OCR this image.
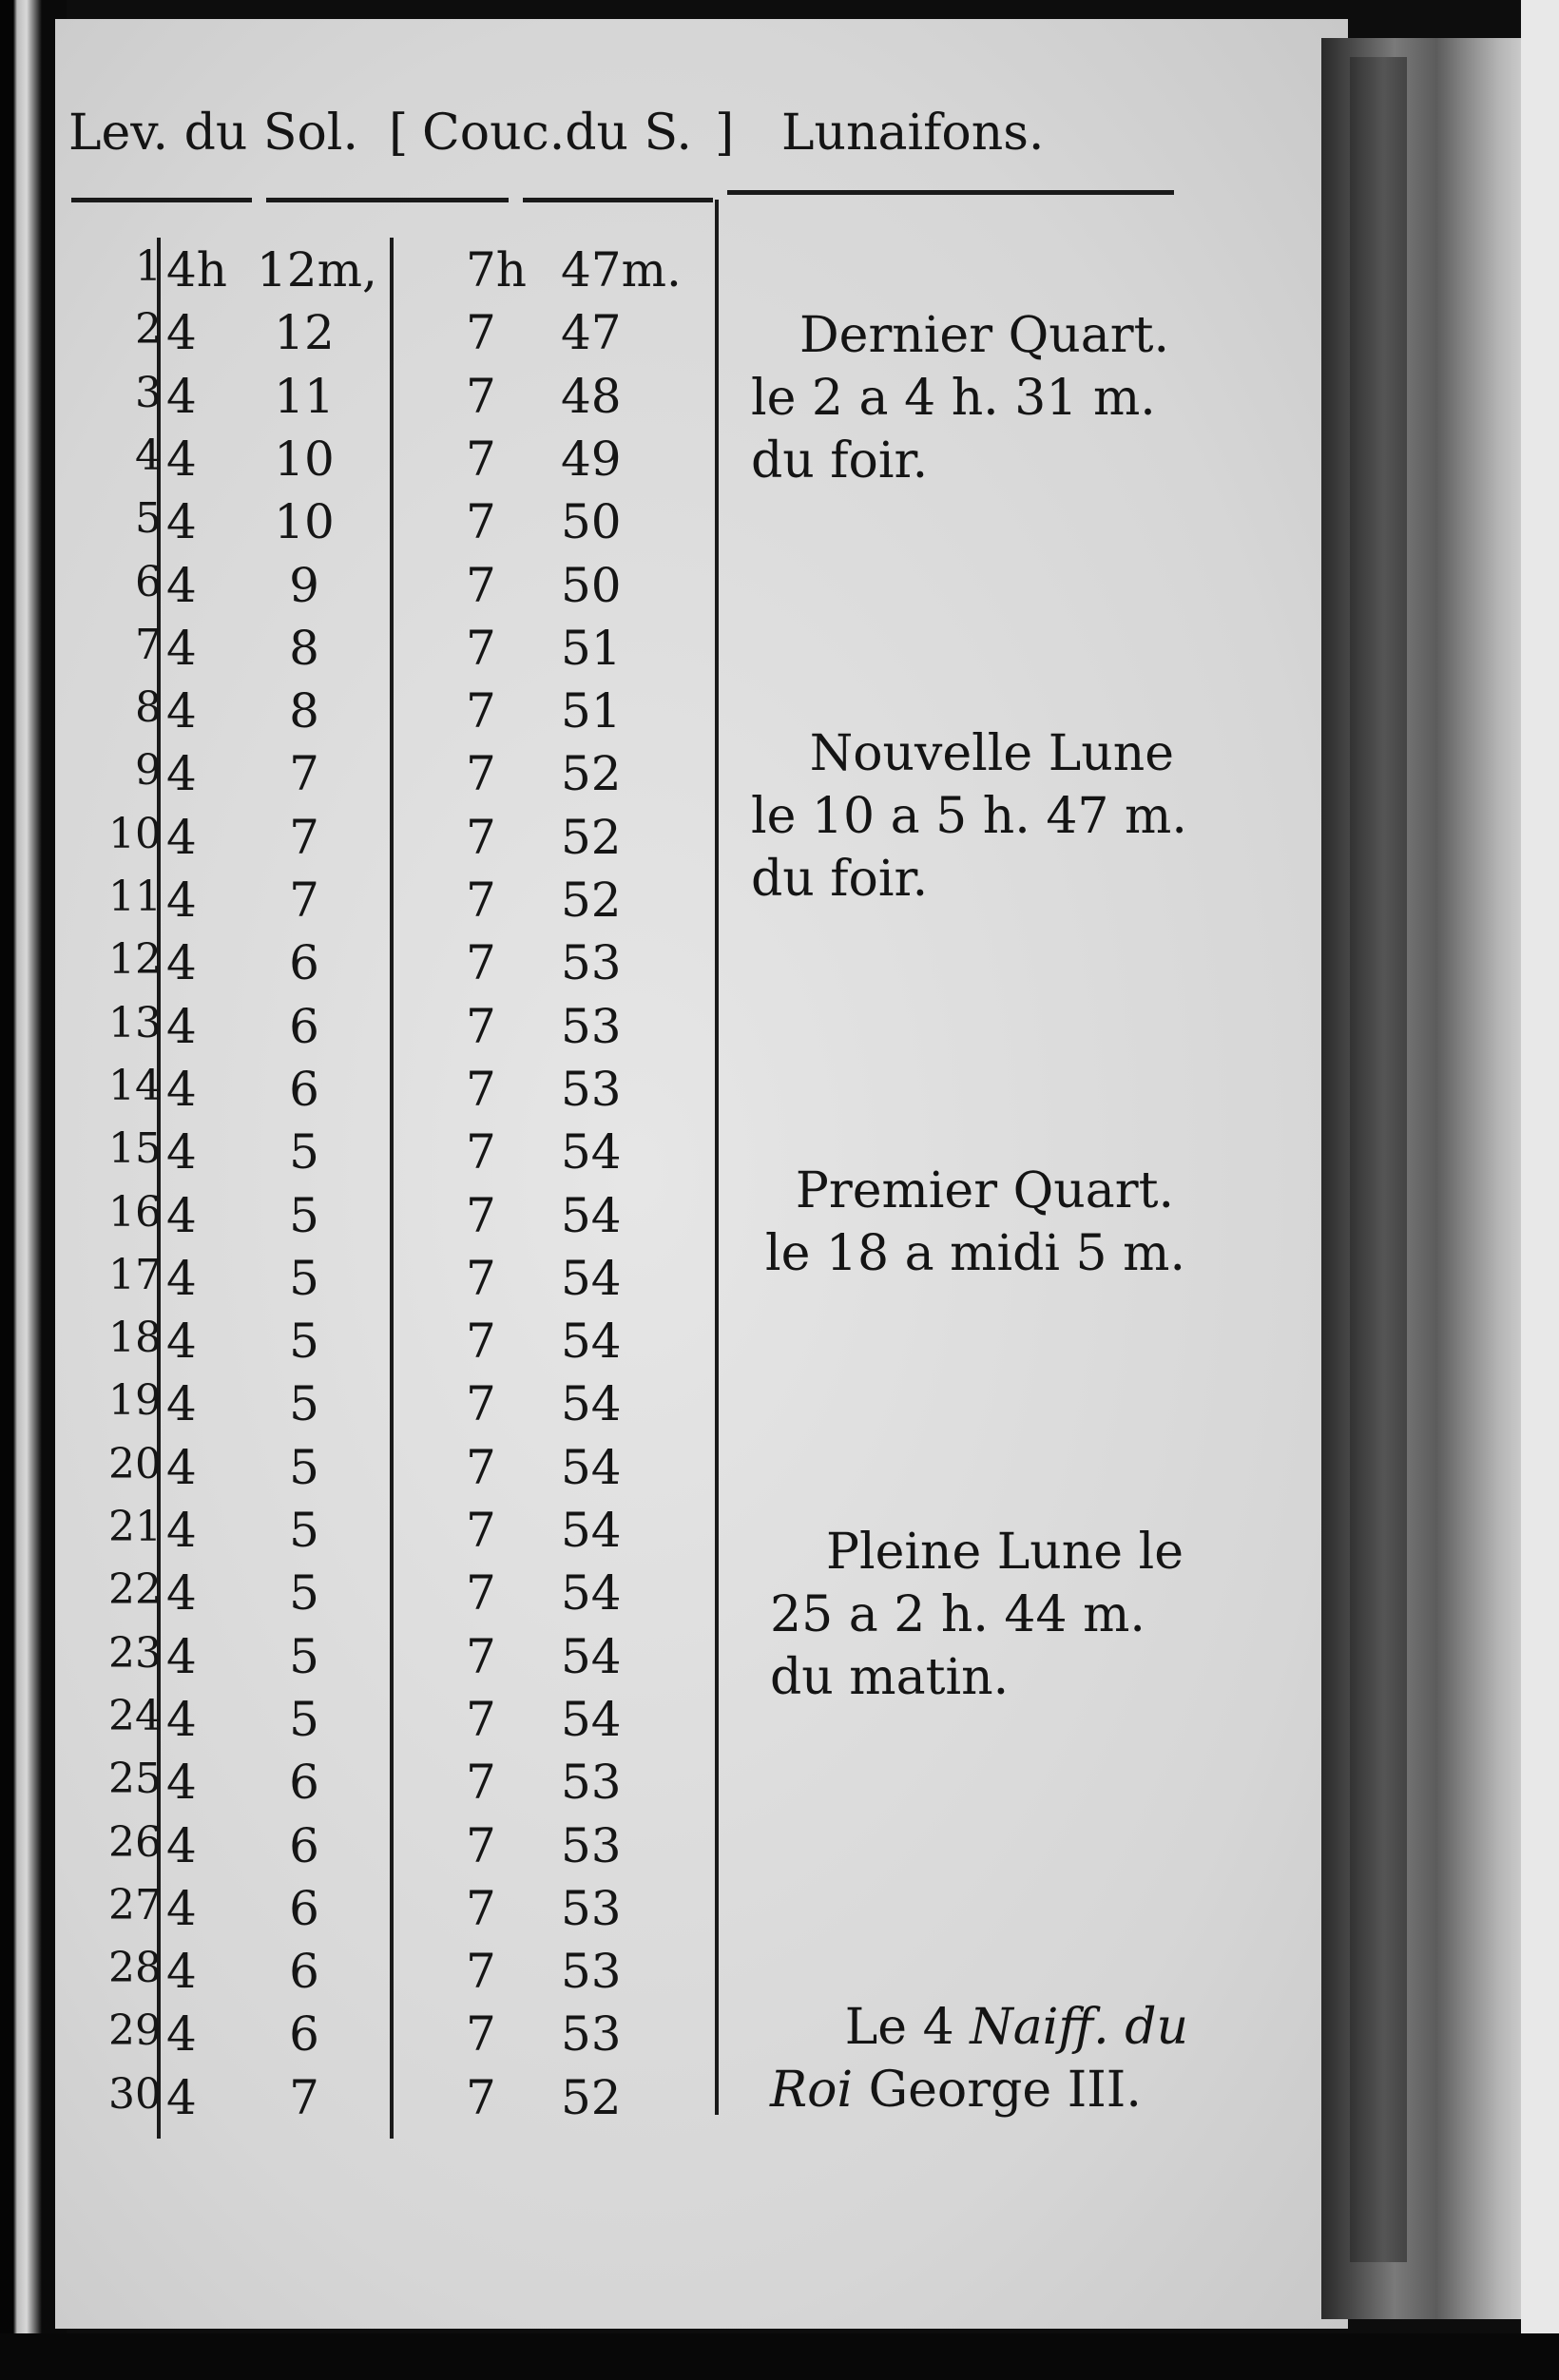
Lev. du Sol. [ Couc.du S. ] Lunaifons.
1 4h 12m, 7h 47m.
2 4	12	7 47
3 4	11	7 48
4 4	10	7 49
5 4	10	7 50
6 4	9	7 50
7 4	8	7 51
8 4	8	7 51
9 4	7	7 52
10 4	7	7 52
11 4	7	7 52
12 4	6	7 53
13 4	6	7 53
14 4	6	7 53
15 4	5	7 54
16 4	5	7 54
17 4	5	7 54
18 4	5	7 54
19 4	5	7 54
20 4	5	7 54
21 4	5	7 54
22 4	5	7 54
23 4	5	7 54
24 4	5	7 54
25 4	6	7 53
26 4	6	7 53
27 4	6	7 53
28 4	6	7 53
29 4	6	7 53
30 4	7	7 52
Dernier Quart.
le 2 a 4 h. 31 m.
du foir.
Nouvelle Lune
le 10 a 5 h. 47 m.
du foir.
Premier Quart.
le 18 a midi 5 m.
Pleine Lune le
25 a 2 h. 44 m.
du matin.
Le 4 Naiff. du
Roi George III.
